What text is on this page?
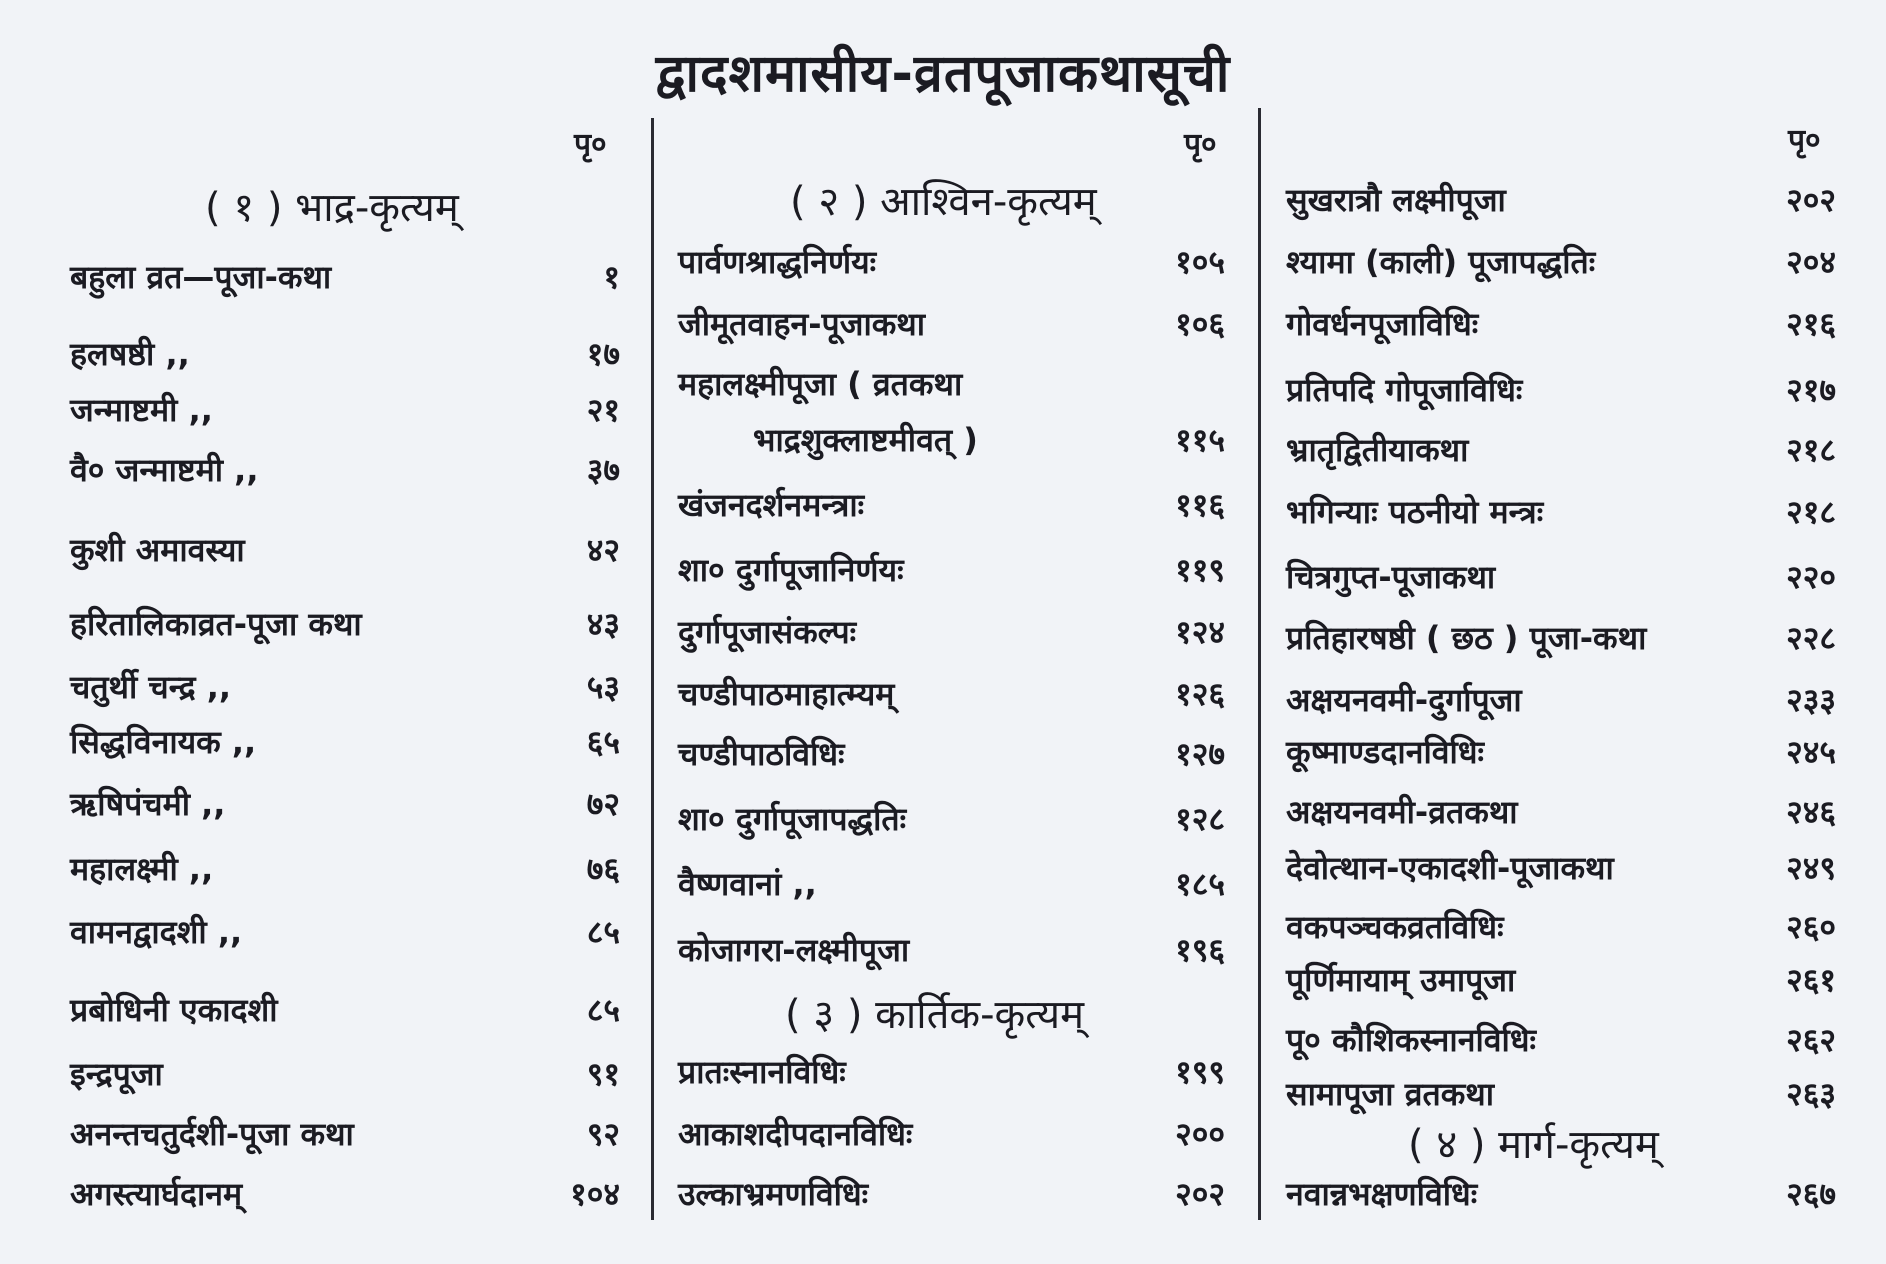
द्वादशमासीय-व्रतपूजाकथासूची
पृ०
( १ ) भाद्र-कृत्यम्
बहुला व्रत—पूजा-कथा	१
हलषष्ठी ,,	१७
जन्माष्टमी ,,	२१
वै० जन्माष्टमी ,,	३७
कुशी अमावस्या	४२
हरितालिकाव्रत-पूजा कथा	४३
चतुर्थी चन्द्र ,,	५३
सिद्धविनायक ,,	६५
ऋषिपंचमी ,,	७२
महालक्ष्मी ,,	७६
वामनद्वादशी ,,	८५
प्रबोधिनी एकादशी	८५
इन्द्रपूजा	९१
अनन्तचतुर्दशी-पूजा कथा	९२
अगस्त्यार्घदानम्	१०४
पृ०
( २ ) आश्विन-कृत्यम्
पार्वणश्राद्धनिर्णयः	१०५
जीमूतवाहन-पूजाकथा	१०६
महालक्ष्मीपूजा ( व्रतकथा
भाद्रशुक्लाष्टमीवत् )	११५
खंजनदर्शनमन्त्राः	११६
शा० दुर्गापूजानिर्णयः	११९
दुर्गापूजासंकल्पः	१२४
चण्डीपाठमाहात्म्यम्	१२६
चण्डीपाठविधिः	१२७
शा० दुर्गापूजापद्धतिः	१२८
वैष्णवानां ,,	१८५
कोजागरा-लक्ष्मीपूजा	१९६
( ३ ) कार्तिक-कृत्यम्
प्रातःस्नानविधिः	१९९
आकाशदीपदानविधिः	२००
उल्काभ्रमणविधिः	२०२
पृ०
सुखरात्रौ लक्ष्मीपूजा	२०२
श्यामा (काली) पूजापद्धतिः	२०४
गोवर्धनपूजाविधिः	२१६
प्रतिपदि गोपूजाविधिः	२१७
भ्रातृद्वितीयाकथा	२१८
भगिन्याः पठनीयो मन्त्रः	२१८
चित्रगुप्त-पूजाकथा	२२०
प्रतिहारषष्ठी ( छठ ) पूजा-कथा	२२८
अक्षयनवमी-दुर्गापूजा	२३३
कूष्माण्डदानविधिः	२४५
अक्षयनवमी-व्रतकथा	२४६
देवोत्थान-एकादशी-पूजाकथा	२४९
वकपञ्चकव्रतविधिः	२६०
पूर्णिमायाम् उमापूजा	२६१
पू० कौशिकस्नानविधिः	२६२
सामापूजा व्रतकथा	२६३
( ४ ) मार्ग-कृत्यम्
नवान्नभक्षणविधिः	२६७
